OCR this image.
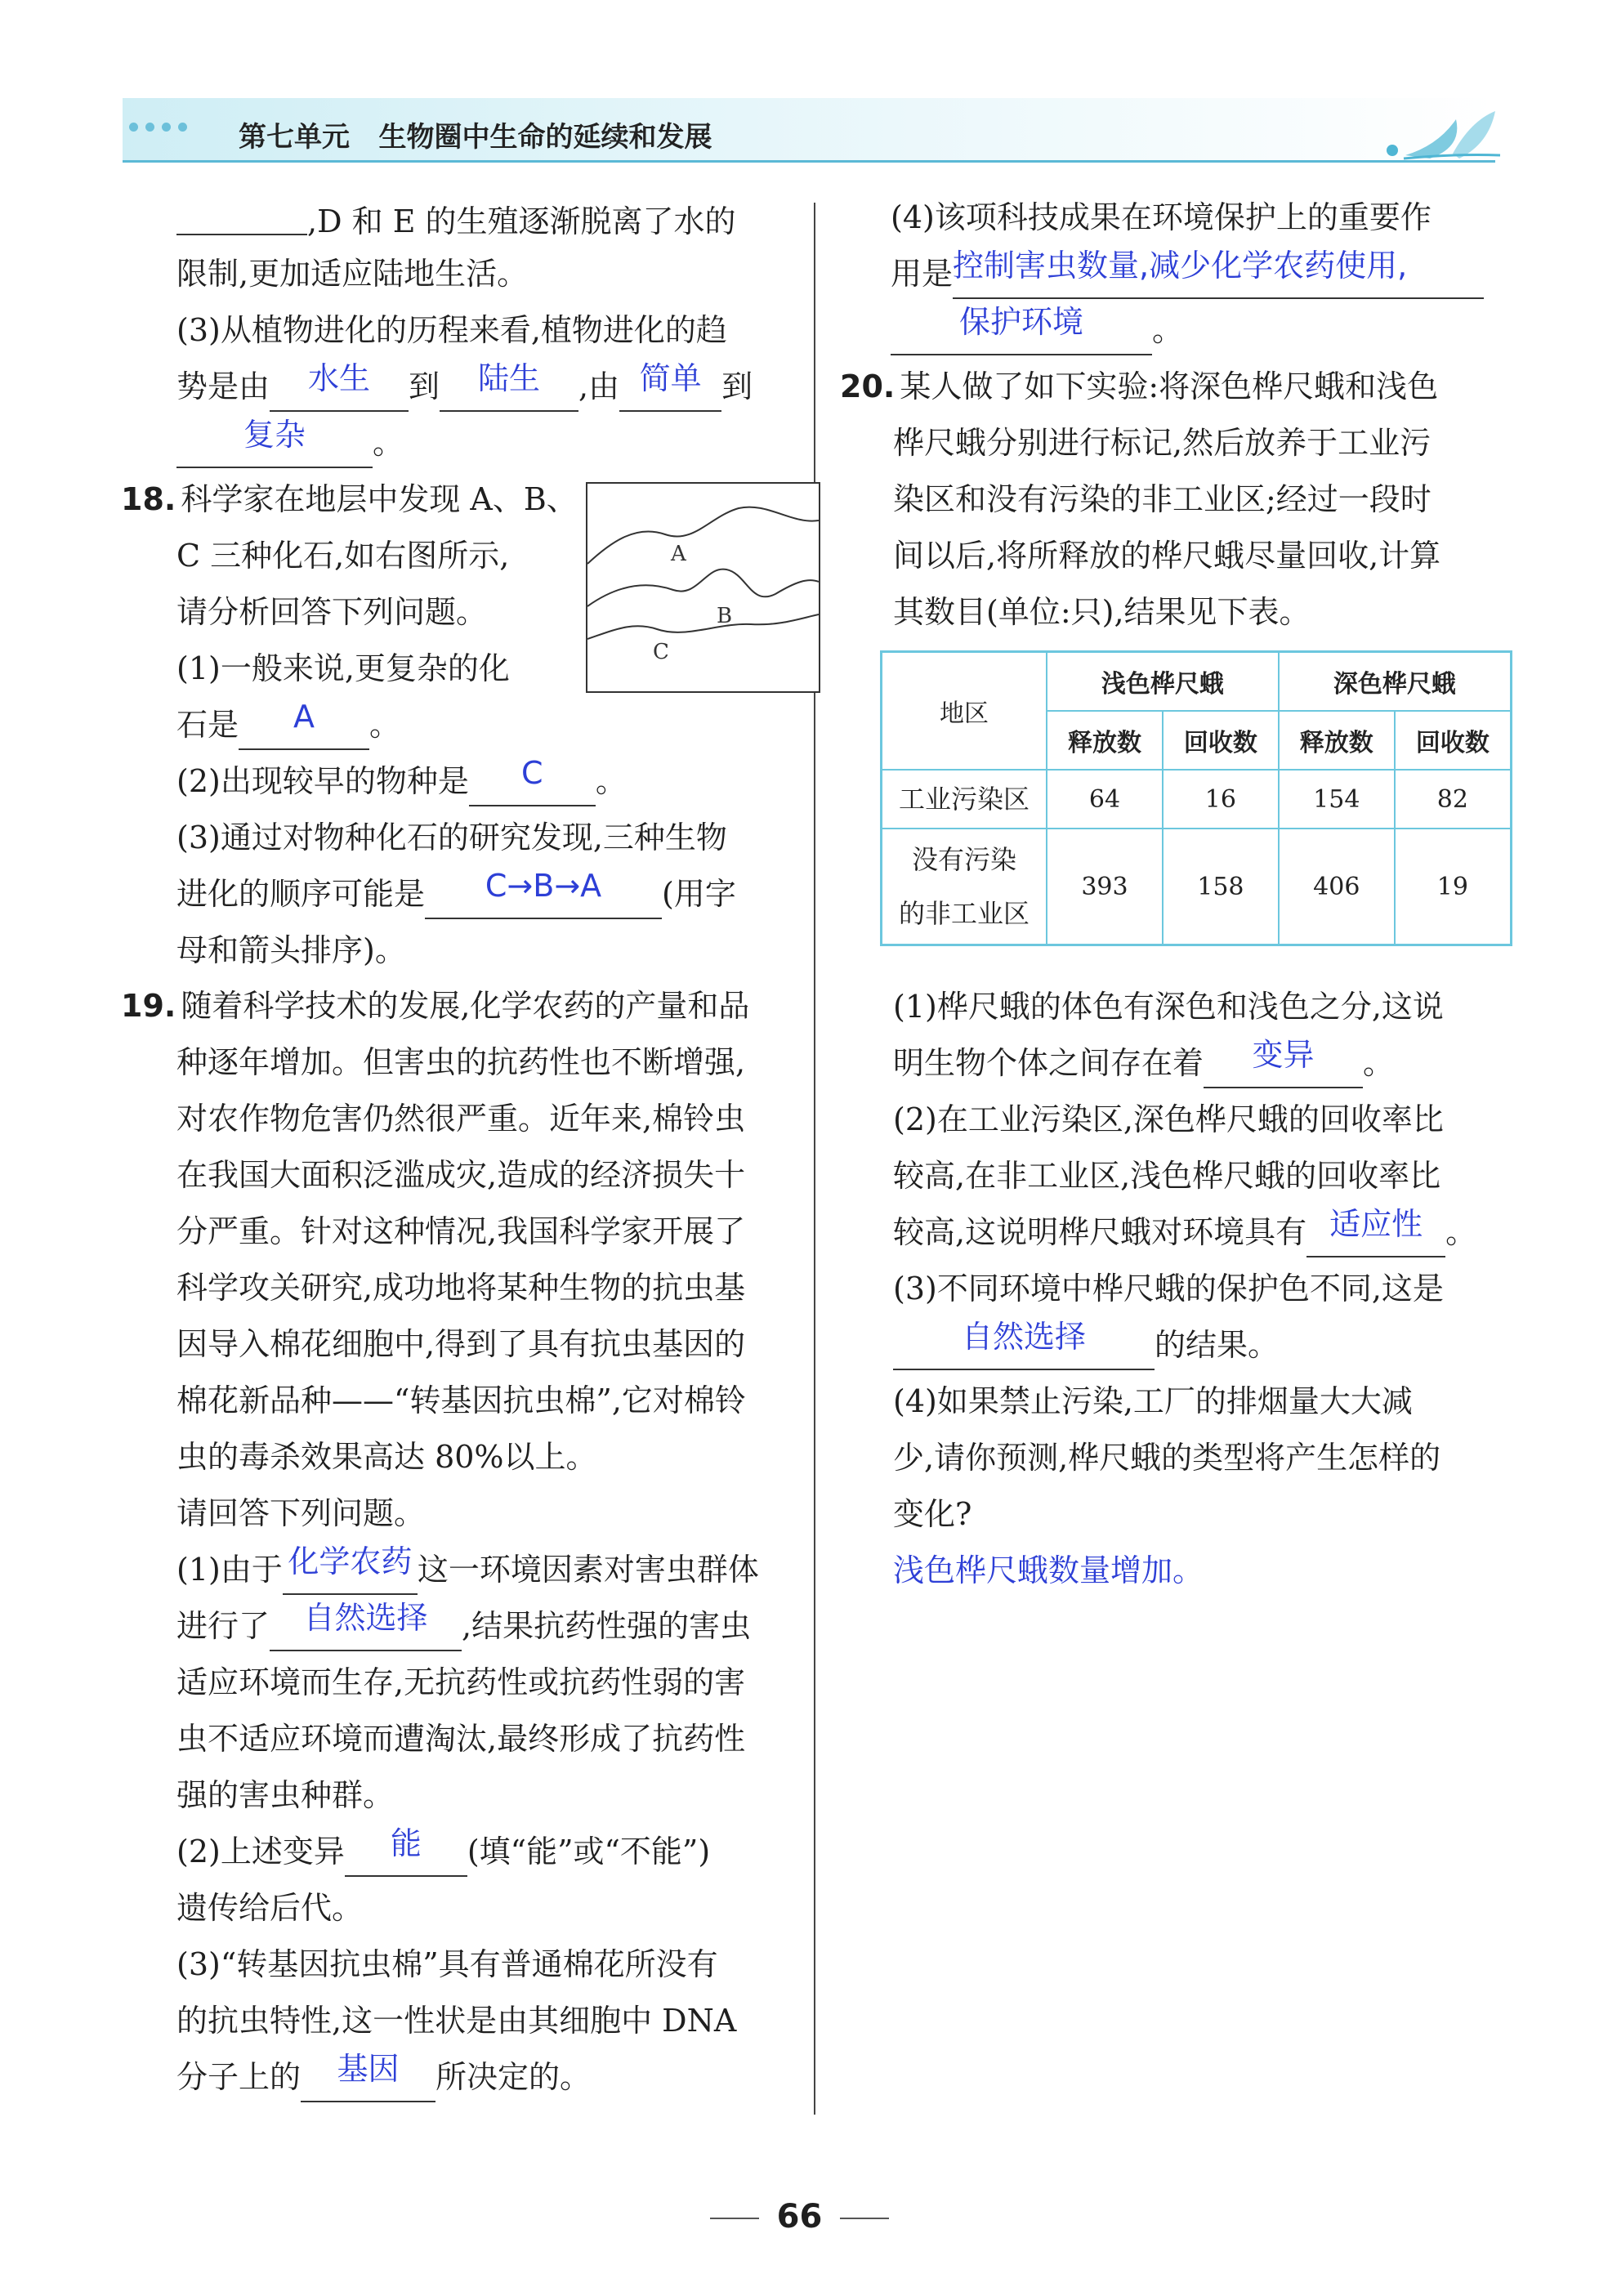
第七单元 生物圈中生命的延续和发展
,D 和 E 的生殖逐渐脱离了水的
限制,更加适应陆地生活。
(3)从植物进化的历程来看,植物进化的趋
势是由 水生 到 陆生 ,由 简单 到
复杂 。
18. 科学家在地层中发现 A、B、
C 三种化石,如右图所示,
请分析回答下列问题。
(1)一般来说,更复杂的化
石是 A 。
(2)出现较早的物种是 C 。
(3)通过对物种化石的研究发现,三种生物
进化的顺序可能是 C→B→A (用字
母和箭头排序)。
A
B
C
19. 随着科学技术的发展,化学农药的产量和品
种逐年增加。但害虫的抗药性也不断增强,
对农作物危害仍然很严重。近年来,棉铃虫
在我国大面积泛滥成灾,造成的经济损失十
分严重。针对这种情况,我国科学家开展了
科学攻关研究,成功地将某种生物的抗虫基
因导入棉花细胞中,得到了具有抗虫基因的
棉花新品种——“转基因抗虫棉”,它对棉铃
虫的毒杀效果高达 80%以上。
请回答下列问题。
(1)由于 化学农药 这一环境因素对害虫群体
进行了 自然选择 ,结果抗药性强的害虫
适应环境而生存,无抗药性或抗药性弱的害
虫不适应环境而遭淘汰,最终形成了抗药性
强的害虫种群。
(2)上述变异 能 (填“能”或“不能”)
遗传给后代。
(3)“转基因抗虫棉”具有普通棉花所没有
的抗虫特性,这一性状是由其细胞中 DNA
分子上的 基因 所决定的。
(4)该项科技成果在环境保护上的重要作
用是控制害虫数量,减少化学农药使用,
保护环境 。
20. 某人做了如下实验:将深色桦尺蛾和浅色
桦尺蛾分别进行标记,然后放养于工业污
染区和没有污染的非工业区;经过一段时
间以后,将所释放的桦尺蛾尽量回收,计算
其数目(单位:只),结果见下表。
地区	浅色桦尺蛾		深色桦尺蛾	
	释放数	回收数	释放数	回收数
工业污染区	64	16	154	82
没有污染
的非工业区	393	158	406	19
(1)桦尺蛾的体色有深色和浅色之分,这说
明生物个体之间存在着 变异 。
(2)在工业污染区,深色桦尺蛾的回收率比
较高,在非工业区,浅色桦尺蛾的回收率比
较高,这说明桦尺蛾对环境具有 适应性 。
(3)不同环境中桦尺蛾的保护色不同,这是
自然选择 的结果。
(4)如果禁止污染,工厂的排烟量大大减
少,请你预测,桦尺蛾的类型将产生怎样的
变化?
浅色桦尺蛾数量增加。
66
